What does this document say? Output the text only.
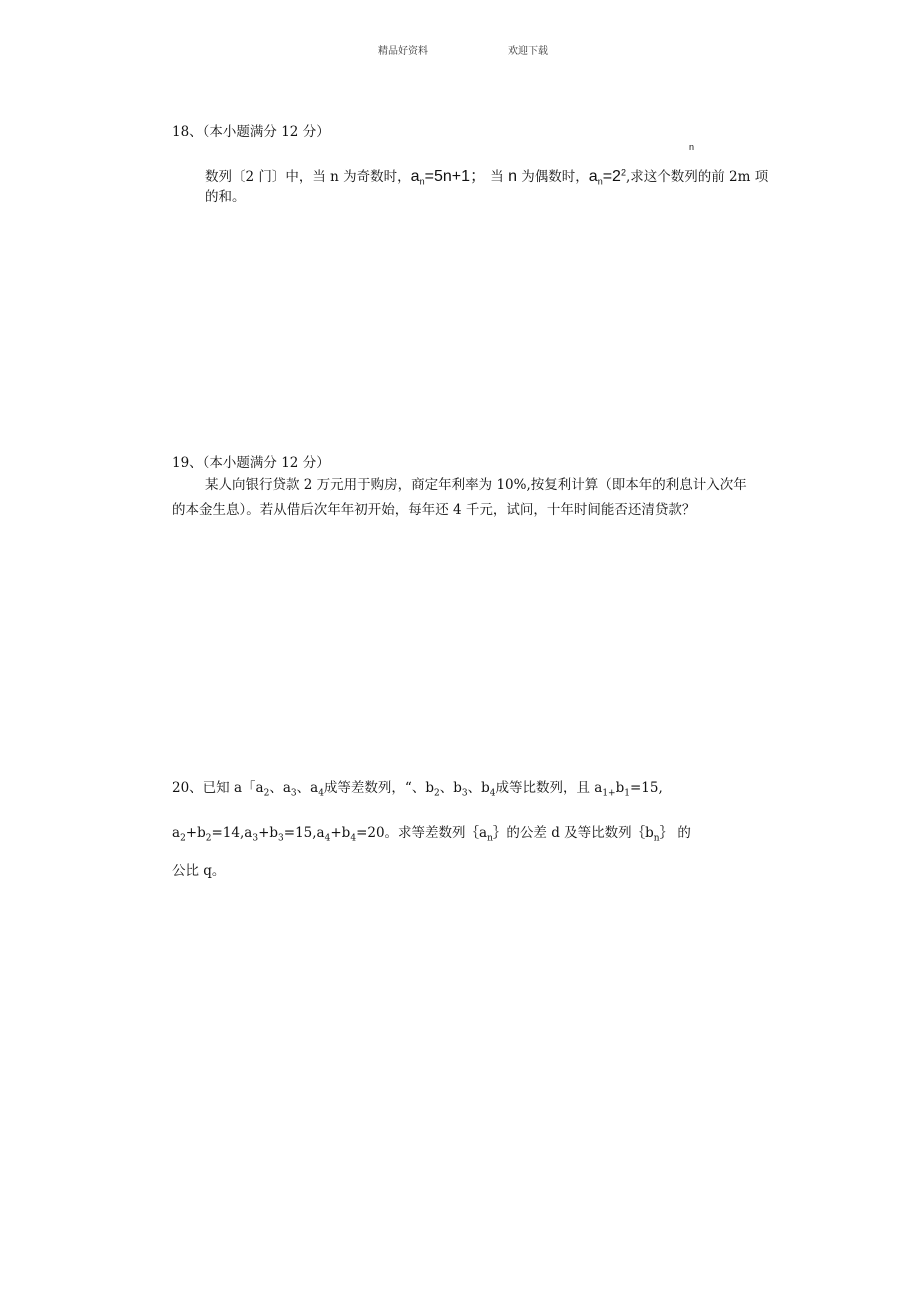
精品好资料	欢迎下载
18、（本小题满分 12 分）
n
数列〔2 门〕中，当 n 为奇数时，$a_n=5n+1$； 当 n 为偶数时，$a_n=2^2$,求这个数列的前 2m 项
的和。
19、（本小题满分 12 分）
某人向银行贷款 2 万元用于购房，商定年利率为 10%,按复利计算（即本年的利息计入次年
的本金生息）。若从借后次年年初开始，每年还 4 千元，试问，十年时间能否还清贷款？
20、已知 a「$a_2$、$a_3$、$a_4$成等差数列，“、$b_2$、$b_3$、$b_4$成等比数列，且 $a_{1+}b_1=15$,
$a_2+b_2=14,a_3+b_3=15,a_4+b_4=20$。求等差数列$\{a_n\}$的公差 d 及等比数列$\{b_n\}$ 的
公比 q。
